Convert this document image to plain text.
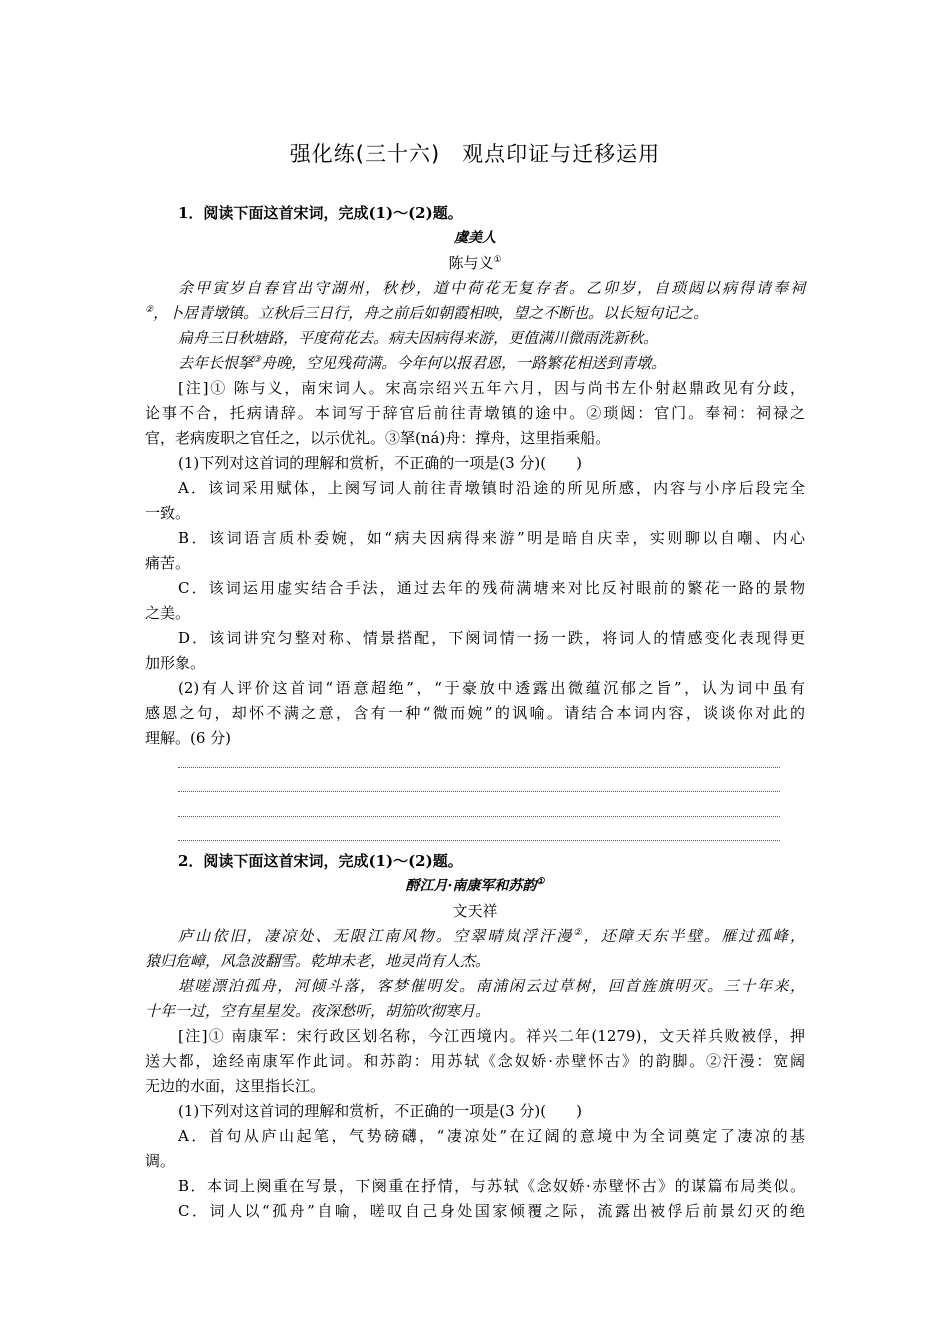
强化练(三十六)　观点印证与迁移运用
1．阅读下面这首宋词，完成(1)～(2)题。
虞美人
陈与义①
余甲寅岁自春官出守湖州，秋杪，道中荷花无复存者。乙卯岁，自琐闼以病得请奉祠
②，卜居青墩镇。立秋后三日行，舟之前后如朝霞相映，望之不断也。以长短句记之。
扁舟三日秋塘路，平度荷花去。病夫因病得来游，更值满川微雨洗新秋。
去年长恨拏③舟晚，空见残荷满。今年何以报君恩，一路繁花相送到青墩。
[注]① 陈与义，南宋词人。宋高宗绍兴五年六月，因与尚书左仆射赵鼎政见有分歧，
论事不合，托病请辞。本词写于辞官后前往青墩镇的途中。②琐闼：官门。奉祠：祠禄之
官，老病废职之官任之，以示优礼。③拏(ná)舟：撑舟，这里指乘船。
(1)下列对这首词的理解和赏析，不正确的一项是(3 分)(　　)
A．该词采用赋体，上阕写词人前往青墩镇时沿途的所见所感，内容与小序后段完全
一致。
B．该词语言质朴委婉，如“病夫因病得来游”明是暗自庆幸，实则聊以自嘲、内心
痛苦。
C．该词运用虚实结合手法，通过去年的残荷满塘来对比反衬眼前的繁花一路的景物
之美。
D．该词讲究匀整对称、情景搭配，下阕词情一扬一跌，将词人的情感变化表现得更
加形象。
(2)有人评价这首词“语意超绝”，“于豪放中透露出微蕴沉郁之旨”，认为词中虽有
感恩之句，却怀不满之意，含有一种“微而婉”的讽喻。请结合本词内容，谈谈你对此的
理解。(6 分)
2．阅读下面这首宋词，完成(1)～(2)题。
酹江月·南康军和苏韵①
文天祥
庐山依旧，凄凉处、无限江南风物。空翠晴岚浮汗漫②，还障天东半壁。雁过孤峰，
猿归危嶂，风急波翻雪。乾坤未老，地灵尚有人杰。
堪嗟漂泊孤舟，河倾斗落，客梦催明发。南浦闲云过草树，回首旌旗明灭。三十年来，
十年一过，空有星星发。夜深愁听，胡笳吹彻寒月。
[注]① 南康军：宋行政区划名称，今江西境内。祥兴二年(1279)，文天祥兵败被俘，押
送大都，途经南康军作此词。和苏韵：用苏轼《念奴娇·赤壁怀古》的韵脚。②汗漫：宽阔
无边的水面，这里指长江。
(1)下列对这首词的理解和赏析，不正确的一项是(3 分)(　　)
A．首句从庐山起笔，气势磅礴，“凄凉处”在辽阔的意境中为全词奠定了凄凉的基
调。
B．本词上阕重在写景，下阕重在抒情，与苏轼《念奴娇·赤壁怀古》的谋篇布局类似。
C．词人以“孤舟”自喻，嗟叹自己身处国家倾覆之际，流露出被俘后前景幻灭的绝
